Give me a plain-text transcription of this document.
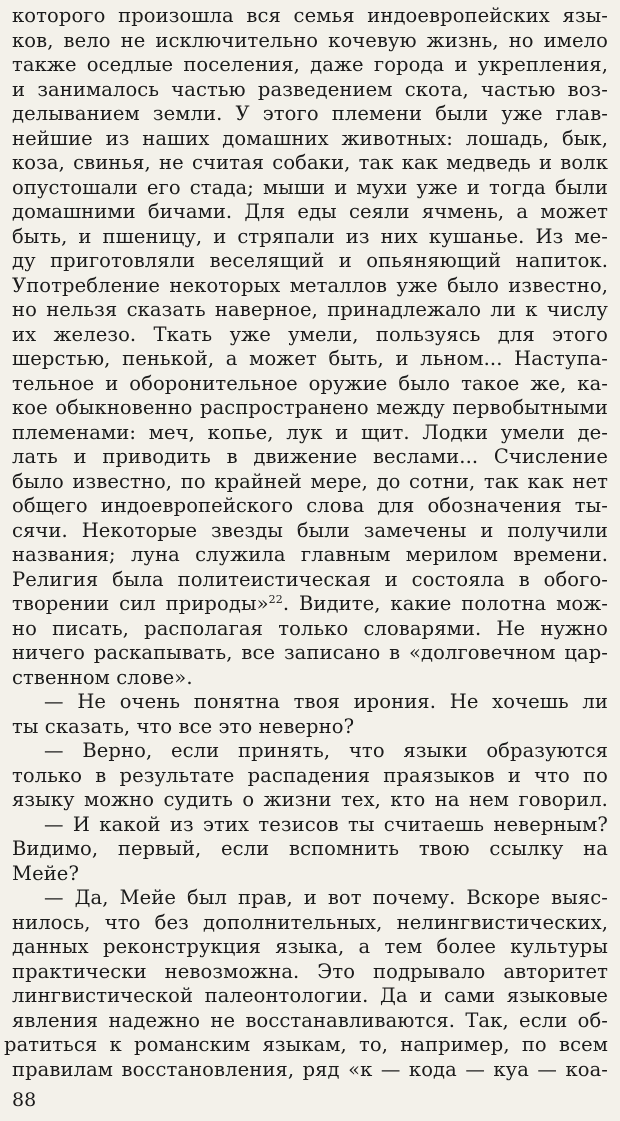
которого произошла вся семья индоевропейских язы-
ков, вело не исключительно кочевую жизнь, но имело
также оседлые поселения, даже города и укрепления,
и занималось частью разведением скота, частью воз-
делыванием земли. У этого племени были уже глав-
нейшие из наших домашних животных: лошадь, бык,
коза, свинья, не считая собаки, так как медведь и волк
опустошали его стада; мыши и мухи уже и тогда были
домашними бичами. Для еды сеяли ячмень, а может
быть, и пшеницу, и стряпали из них кушанье. Из ме-
ду приготовляли веселящий и опьяняющий напиток.
Употребление некоторых металлов уже было известно,
но нельзя сказать наверное, принадлежало ли к числу
их железо. Ткать уже умели, пользуясь для этого
шерстью, пенькой, а может быть, и льном... Наступа-
тельное и оборонительное оружие было такое же, ка-
кое обыкновенно распространено между первобытными
племенами: меч, копье, лук и щит. Лодки умели де-
лать и приводить в движение веслами... Счисление
было известно, по крайней мере, до сотни, так как нет
общего индоевропейского слова для обозначения ты-
сячи. Некоторые звезды были замечены и получили
названия; луна служила главным мерилом времени.
Религия была политеистическая и состояла в обого-
творении сил природы»$^{22}$. Видите, какие полотна мож-
но писать, располагая только словарями. Не нужно
ничего раскапывать, все записано в «долговечном цар-
ственном слове».
— Не очень понятна твоя ирония. Не хочешь ли
ты сказать, что все это неверно?
— Верно, если принять, что языки образуются
только в результате распадения праязыков и что по
языку можно судить о жизни тех, кто на нем говорил.
— И какой из этих тезисов ты считаешь неверным?
Видимо, первый, если вспомнить твою ссылку на
Мейе?
— Да, Мейе был прав, и вот почему. Вскоре выяс-
нилось, что без дополнительных, нелингвистических,
данных реконструкция языка, а тем более культуры
практически невозможна. Это подрывало авторитет
лингвистической палеонтологии. Да и сами языковые
явления надежно не восстанавливаются. Так, если об-
ратиться к романским языкам, то, например, по всем
правилам восстановления, ряд «к — кода — куа — коа-
88
